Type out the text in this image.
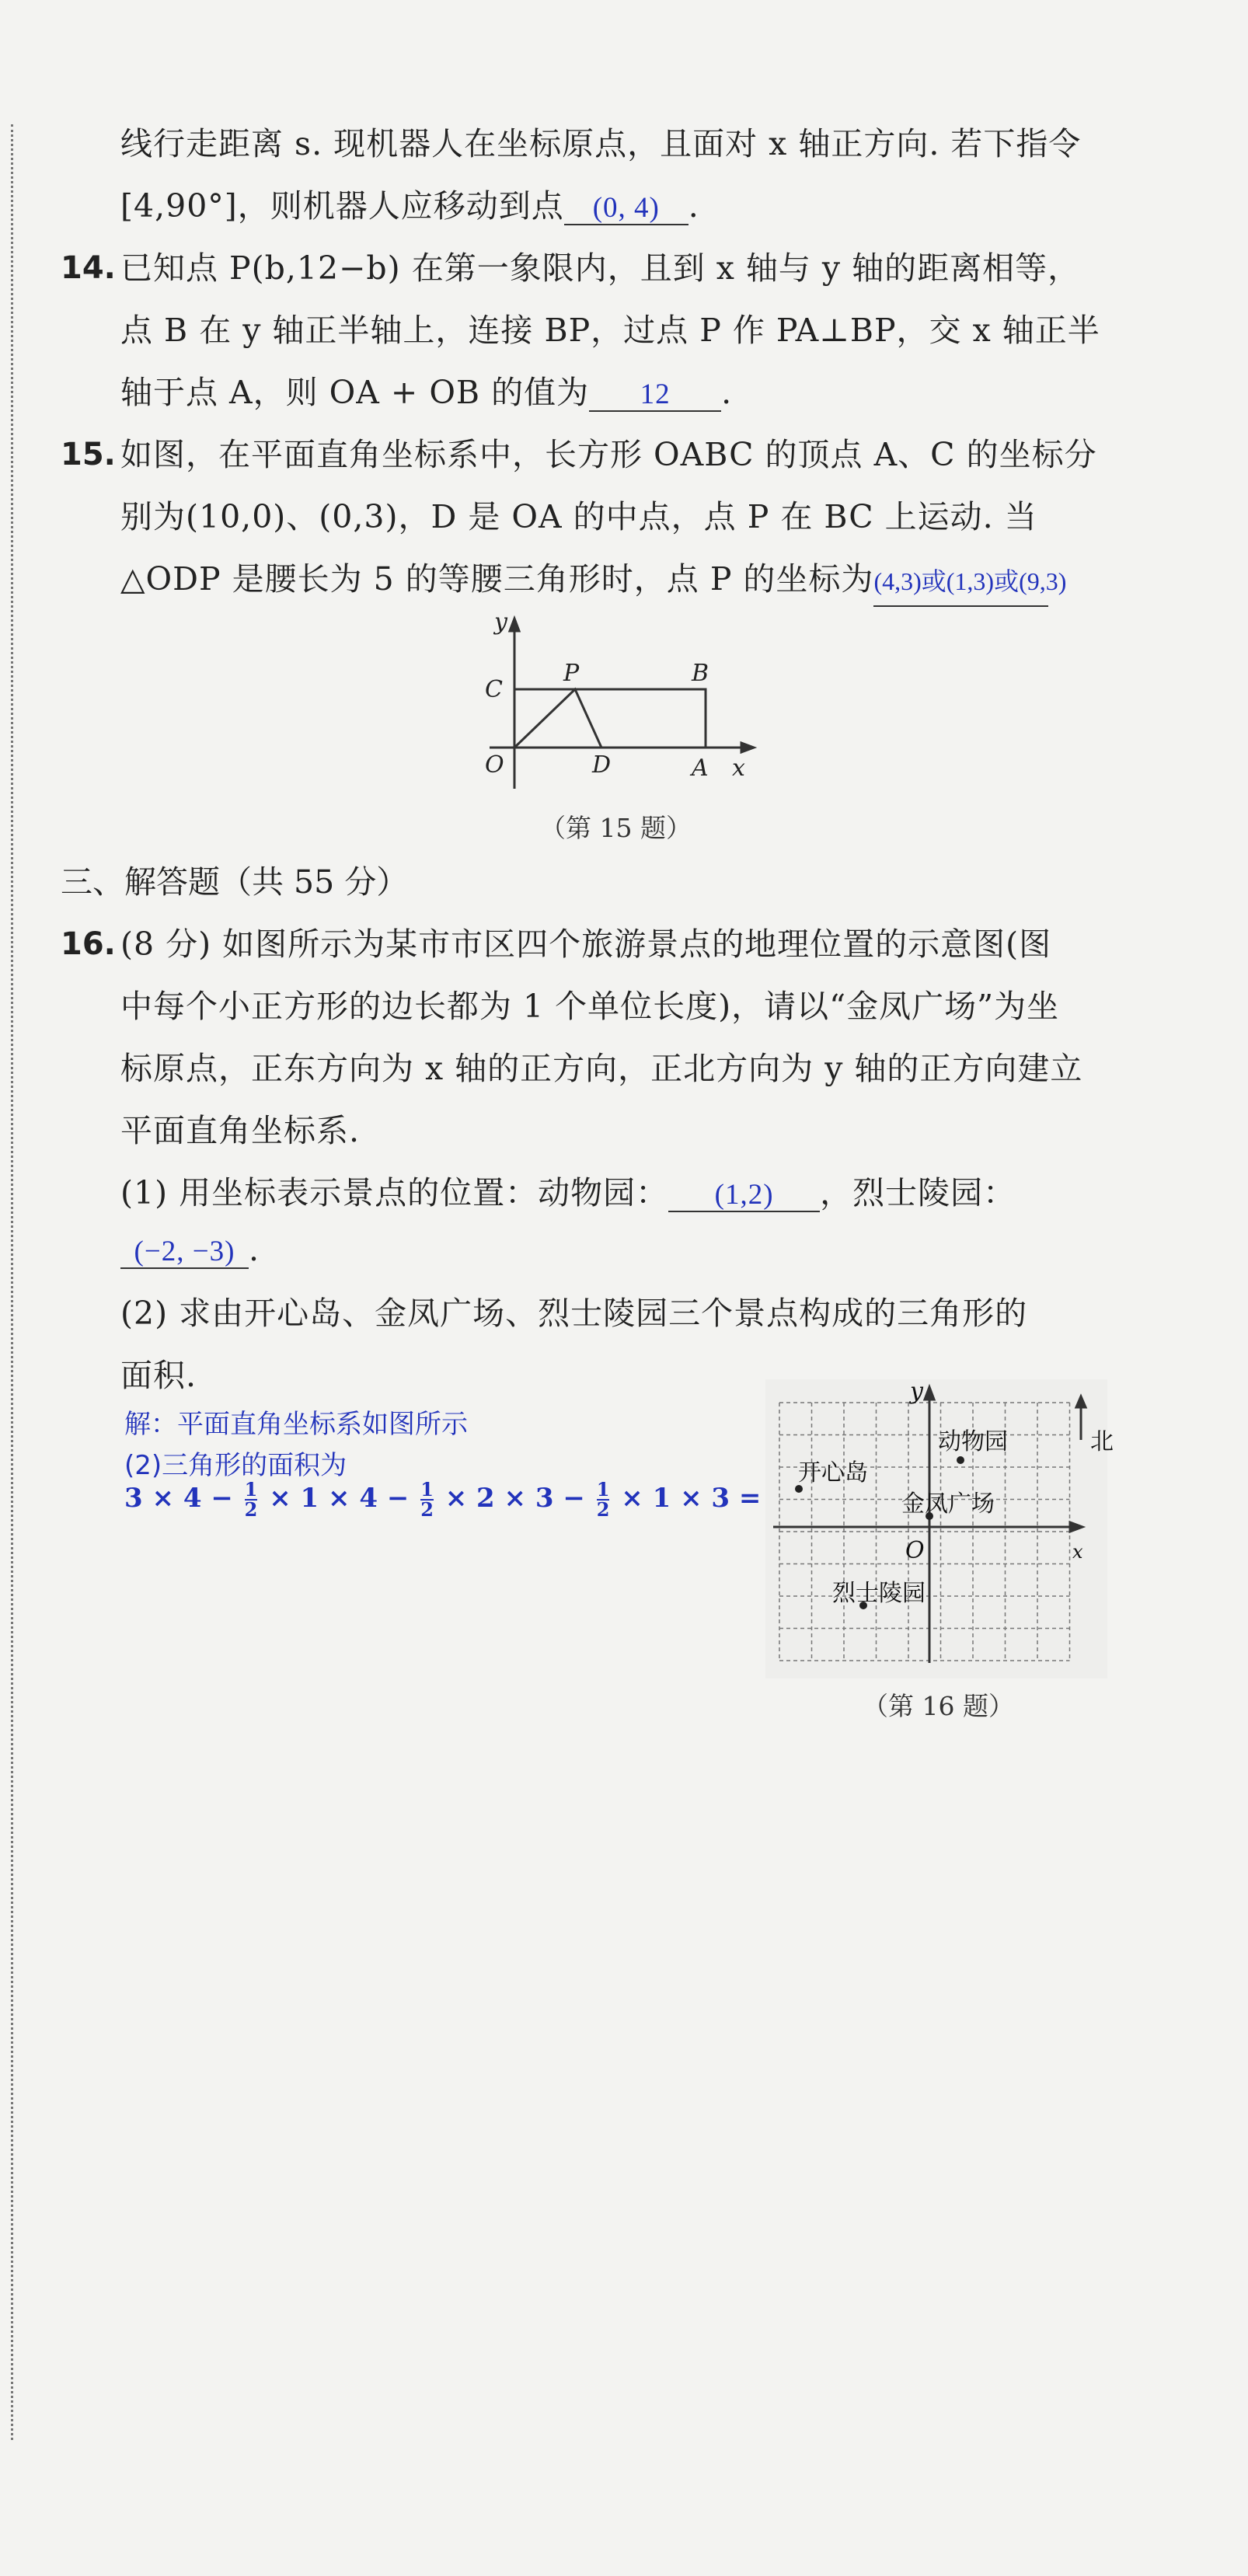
线行走距离 s. 现机器人在坐标原点，且面对 x 轴正方向. 若下指令
[4,90°]，则机器人应移动到点 (0, 4) .
14. 已知点 P(b,12−b) 在第一象限内，且到 x 轴与 y 轴的距离相等，
点 B 在 y 轴正半轴上，连接 BP，过点 P 作 PA⊥BP，交 x 轴正半
轴于点 A，则 OA + OB 的值为 12 .
15. 如图，在平面直角坐标系中，长方形 OABC 的顶点 A、C 的坐标分
别为(10,0)、(0,3)，D 是 OA 的中点，点 P 在 BC 上运动. 当
△ODP 是腰长为 5 的等腰三角形时，点 P 的坐标为(4,3)或(1,3)或(9,3)
y
C
P	B
O	D	A x
（第 15 题）
三、解答题（共 55 分）
16. (8 分) 如图所示为某市市区四个旅游景点的地理位置的示意图(图
中每个小正方形的边长都为 1 个单位长度)，请以“金凤广场”为坐
标原点，正东方向为 x 轴的正方向，正北方向为 y 轴的正方向建立
平面直角坐标系.
(1) 用坐标表示景点的位置：动物园： (1,2) ，烈士陵园：
(−2, −3) .
(2) 求由开心岛、金凤广场、烈士陵园三个景点构成的三角形的
面积.
解：平面直角坐标系如图所示
(2)三角形的面积为
$3 \times 4 - \frac{1}{2} \times 1 \times 4 - \frac{1}{2} \times 2 \times 3 - \frac{1}{2} \times 1 \times 3$ =
y
x
O
动物园	北
开心岛
金凤广场
烈士陵园
（第 16 题）
